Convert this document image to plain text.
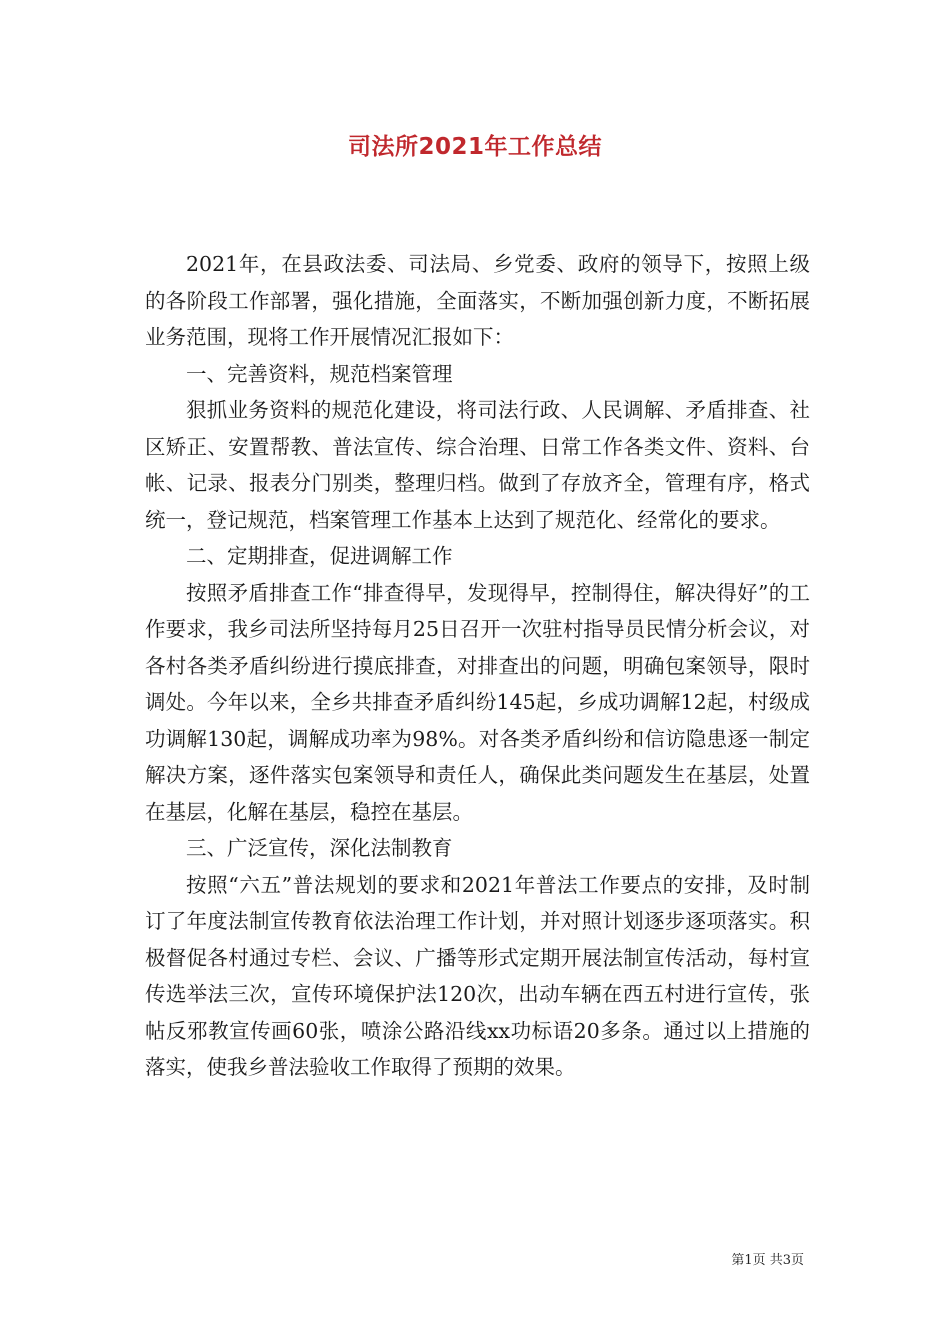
司法所2021年工作总结

2021年，在县政法委、司法局、乡党委、政府的领导下，按照上级的各阶段工作部署，强化措施，全面落实，不断加强创新力度，不断拓展业务范围，现将工作开展情况汇报如下：

一、完善资料，规范档案管理

狠抓业务资料的规范化建设，将司法行政、人民调解、矛盾排查、社区矫正、安置帮教、普法宣传、综合治理、日常工作各类文件、资料、台帐、记录、报表分门别类，整理归档。做到了存放齐全，管理有序，格式统一，登记规范，档案管理工作基本上达到了规范化、经常化的要求。

二、定期排查，促进调解工作

按照矛盾排查工作“排查得早，发现得早，控制得住，解决得好”的工作要求，我乡司法所坚持每月25日召开一次驻村指导员民情分析会议，对各村各类矛盾纠纷进行摸底排查，对排查出的问题，明确包案领导，限时调处。今年以来，全乡共排查矛盾纠纷145起，乡成功调解12起，村级成功调解130起，调解成功率为98%。对各类矛盾纠纷和信访隐患逐一制定解决方案，逐件落实包案领导和责任人，确保此类问题发生在基层，处置在基层，化解在基层，稳控在基层。

三、广泛宣传，深化法制教育

按照“六五”普法规划的要求和2021年普法工作要点的安排，及时制订了年度法制宣传教育依法治理工作计划，并对照计划逐步逐项落实。积极督促各村通过专栏、会议、广播等形式定期开展法制宣传活动，每村宣传选举法三次，宣传环境保护法120次，出动车辆在西五村进行宣传，张帖反邪教宣传画60张，喷涂公路沿线xx功标语20多条。通过以上措施的落实，使我乡普法验收工作取得了预期的效果。

第1页 共3页
